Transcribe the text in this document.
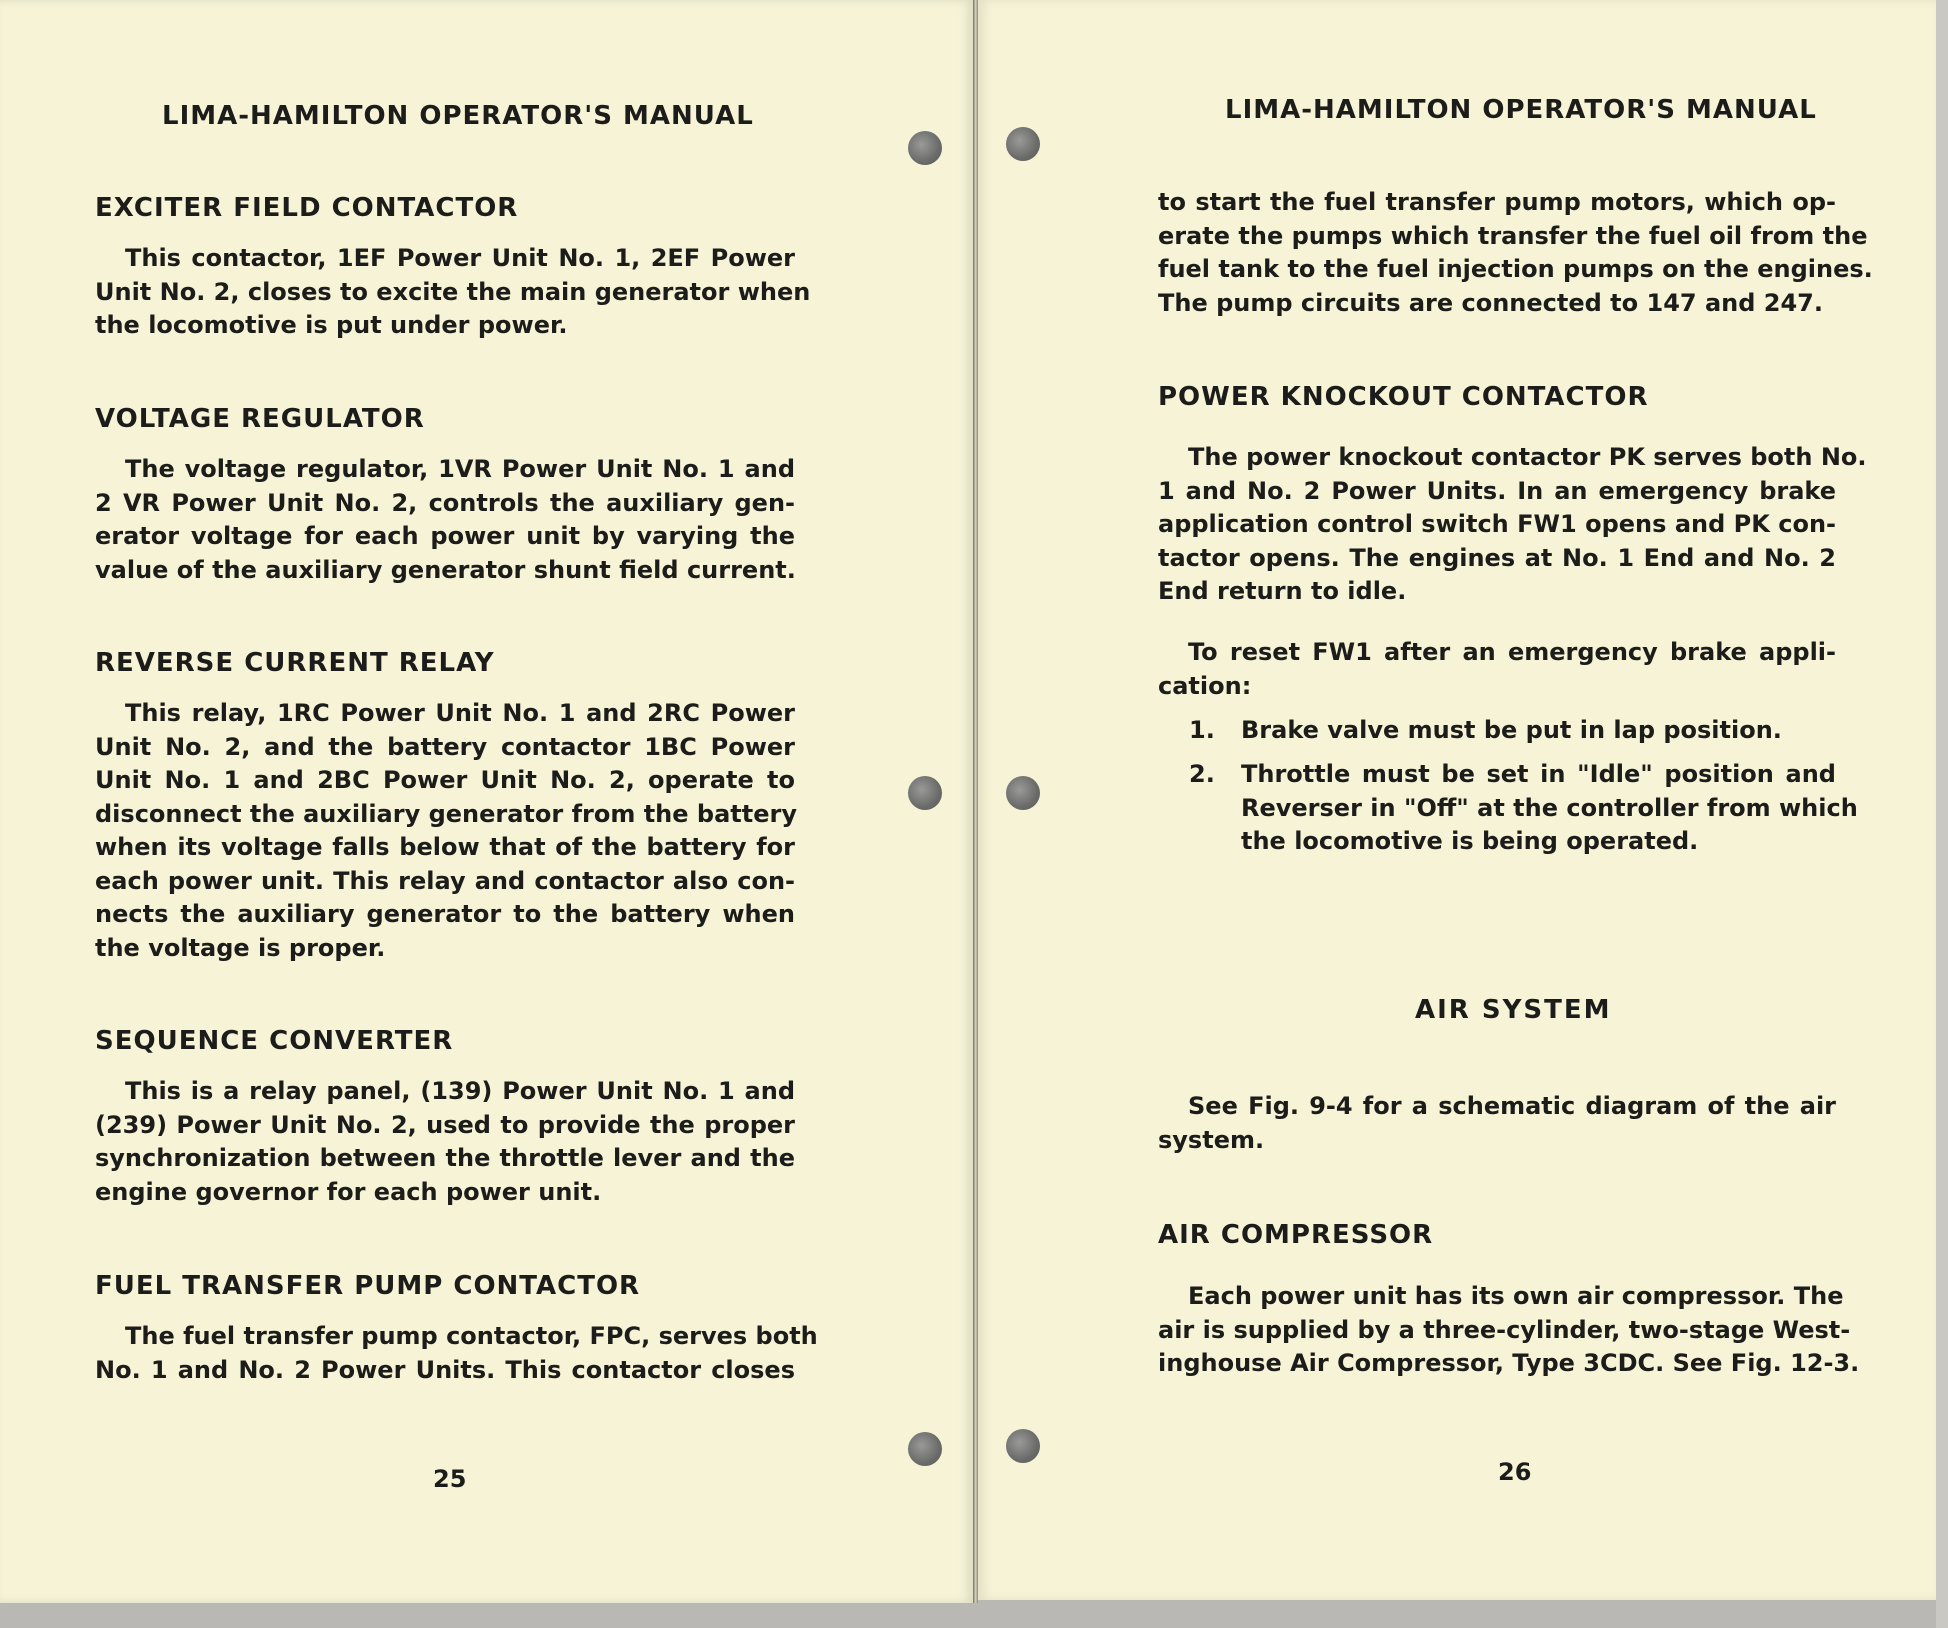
LIMA-HAMILTON OPERATOR'S MANUAL
EXCITER FIELD CONTACTOR
This contactor, 1EF Power Unit No. 1, 2EF Power
Unit No. 2, closes to excite the main generator when
the locomotive is put under power.
VOLTAGE REGULATOR
The voltage regulator, 1VR Power Unit No. 1 and
2 VR Power Unit No. 2, controls the auxiliary gen-
erator voltage for each power unit by varying the
value of the auxiliary generator shunt field current.
REVERSE CURRENT RELAY
This relay, 1RC Power Unit No. 1 and 2RC Power
Unit No. 2, and the battery contactor 1BC Power
Unit No. 1 and 2BC Power Unit No. 2, operate to
disconnect the auxiliary generator from the battery
when its voltage falls below that of the battery for
each power unit. This relay and contactor also con-
nects the auxiliary generator to the battery when
the voltage is proper.
SEQUENCE CONVERTER
This is a relay panel, (139) Power Unit No. 1 and
(239) Power Unit No. 2, used to provide the proper
synchronization between the throttle lever and the
engine governor for each power unit.
FUEL TRANSFER PUMP CONTACTOR
The fuel transfer pump contactor, FPC, serves both
No. 1 and No. 2 Power Units. This contactor closes
25
LIMA-HAMILTON OPERATOR'S MANUAL
to start the fuel transfer pump motors, which op-
erate the pumps which transfer the fuel oil from the
fuel tank to the fuel injection pumps on the engines.
The pump circuits are connected to 147 and 247.
POWER KNOCKOUT CONTACTOR
The power knockout contactor PK serves both No.
1 and No. 2 Power Units. In an emergency brake
application control switch FW1 opens and PK con-
tactor opens. The engines at No. 1 End and No. 2
End return to idle.
To reset FW1 after an emergency brake appli-
cation:
1. Brake valve must be put in lap position.
2. Throttle must be set in "Idle" position and
Reverser in "Off" at the controller from which
the locomotive is being operated.
AIR SYSTEM
See Fig. 9-4 for a schematic diagram of the air
system.
AIR COMPRESSOR
Each power unit has its own air compressor. The
air is supplied by a three-cylinder, two-stage West-
inghouse Air Compressor, Type 3CDC. See Fig. 12-3.
26
